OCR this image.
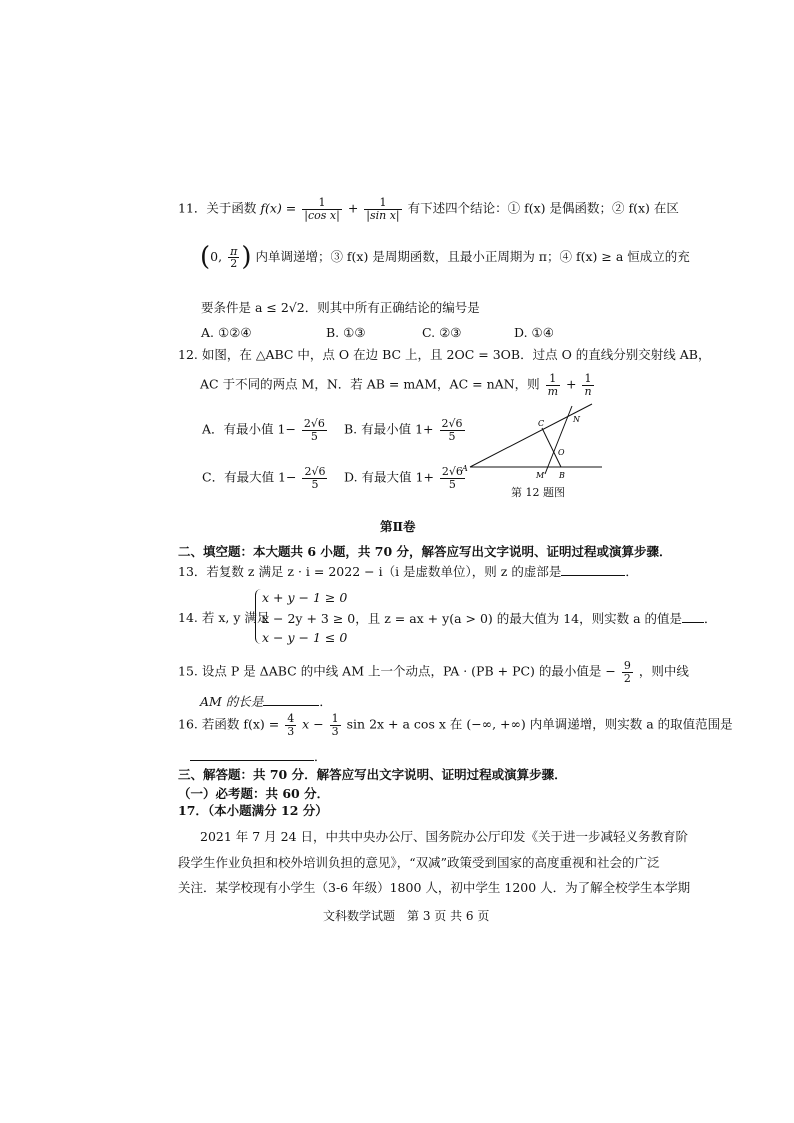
11．关于函数 $f(x) = \frac{1}{\text{|cos x|}} + \frac{1}{\text{|sin x|}}$ 有下述四个结论：① f(x) 是偶函数；② f(x) 在区
(0, $\frac{\pi}{2}$ ) 内单调递增；③ f(x) 是周期函数，且最小正周期为 π；④ f(x) ≥ a 恒成立的充
要条件是 a ≤ 2√2．则其中所有正确结论的编号是
A. ①②④	B. ①③	C. ②③	D. ①④
12. 如图，在 △ABC 中，点 O 在边 BC 上，且 2OC = 3OB．过点 O 的直线分别交射线 AB，
AC 于不同的两点 M，N．若 AB = mAM，AC = nAN，则 $\frac{1}{m} + \frac{1}{n}$
A．有最小值 $1- \frac{2√6}{5} B$. 有最小值 $1+ \frac{2√6}{5}$
C．有最大值 $1- \frac{2√6}{5} D$. 有最大值 $1+ \frac{2√6}{5}$
A
B
C	N
O
M
第 12 题图
第Ⅱ卷
二、填空题：本大题共 6 小题，共 70 分，解答应写出文字说明、证明过程或演算步骤．
13．若复数 z 满足 z · i = 2022 − i（i 是虚数单位），则 z 的虚部是	．
14. 若 x, y 满足
x + y − 1 ≥ 0
x − 2y + 3 ≥ 0，且 z = ax + y(a > 0) 的最大值为 14，则实数 a 的值是 ．
x − y − 1 ≤ 0
15. 设点 P 是 ΔABC 的中线 AM 上一个动点，PA · (PB + PC) 的最小值是 − $\frac{9}{2}$ ，则中线
AM 的长是	．
16. 若函数 $f(x) = \frac{4}{3}$ $x - \frac{1}{3}$ sin 2x + a cos x 在 (−∞, +∞) 内单调递增，则实数 a 的取值范围是
．
三、解答题：共 70 分．解答应写出文字说明、证明过程或演算步骤．
（一）必考题：共 60 分．
17．（本小题满分 12 分）
2021 年 7 月 24 日，中共中央办公厅、国务院办公厅印发《关于进一步减轻义务教育阶
段学生作业负担和校外培训负担的意见》，“双减”政策受到国家的高度重视和社会的广泛
关注．某学校现有小学生（3-6 年级）1800 人，初中学生 1200 人．为了解全校学生本学期
文科数学试题　第 3 页 共 6 页
